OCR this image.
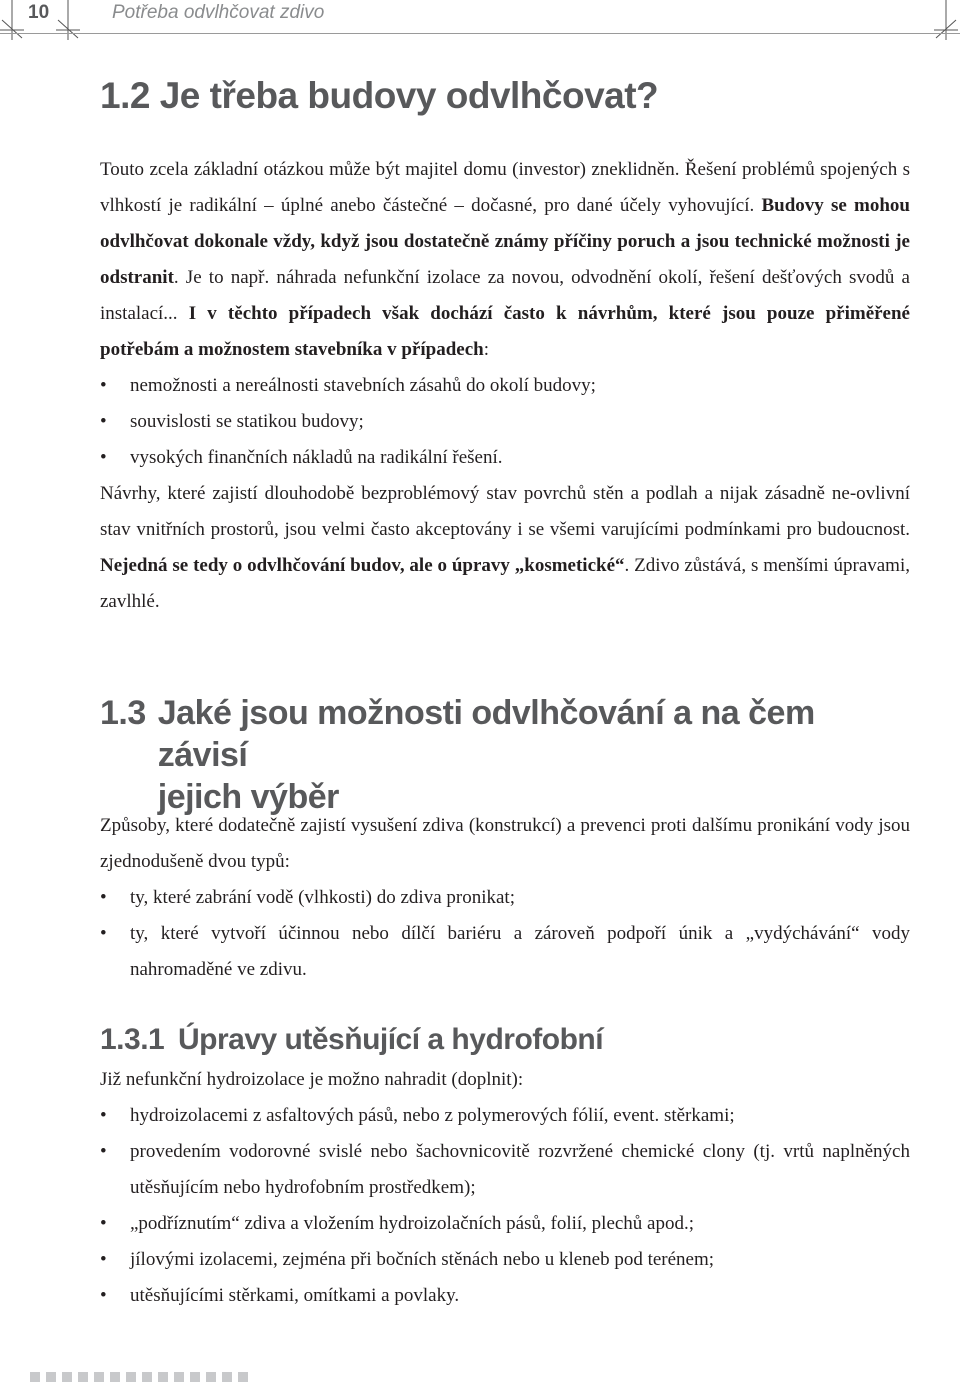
10	Potřeba odvlhčovat zdivo
1.2 Je třeba budovy odvlhčovat?

Touto zcela základní otázkou může být majitel domu (investor) zneklidněn. Řešení problémů spojených s vlhkostí je radikální – úplné anebo částečné – dočasné, pro dané účely vyhovující. Budovy se mohou odvlhčovat dokonale vždy, když jsou dostatečně známy příčiny poruch a jsou technické možnosti je odstranit. Je to např. náhrada nefunkční izolace za novou, odvodnění okolí, řešení dešťových svodů a instalací... I v těchto případech však dochází často k návrhům, které jsou pouze přiměřené potřebám a možnostem stavebníka v případech:

• nemožnosti a nereálnosti stavebních zásahů do okolí budovy;
• souvislosti se statikou budovy;
• vysokých finančních nákladů na radikální řešení.

Návrhy, které zajistí dlouhodobě bezproblémový stav povrchů stěn a podlah a nijak zásadně ne-ovlivní stav vnitřních prostorů, jsou velmi často akceptovány i se všemi varujícími podmínkami pro budoucnost. Nejedná se tedy o odvlhčování budov, ale o úpravy „kosmetické“. Zdivo zůstává, s menšími úpravami, zavlhlé.

1.3 Jaké jsou možnosti odvlhčování a na čem závisí
jejich výběr

Způsoby, které dodatečně zajistí vysušení zdiva (konstrukcí) a prevenci proti dalšímu pronikání vody jsou zjednodušeně dvou typů:

• ty, které zabrání vodě (vlhkosti) do zdiva pronikat;
• ty, které vytvoří účinnou nebo dílčí bariéru a zároveň podpoří únik a „vydýchávání“ vody nahromaděné ve zdivu.
1.3.1 Úpravy utěsňující a hydrofobní

Již nefunkční hydroizolace je možno nahradit (doplnit):

• hydroizolacemi z asfaltových pásů, nebo z polymerových fólií, event. stěrkami;
• provedením vodorovné svislé nebo šachovnicovitě rozvržené chemické clony (tj. vrtů naplněných utěsňujícím nebo hydrofobním prostředkem);
• „podříznutím“ zdiva a vložením hydroizolačních pásů, folií, plechů apod.;
• jílovými izolacemi, zejména při bočních stěnách nebo u kleneb pod terénem;
• utěsňujícími stěrkami, omítkami a povlaky.
